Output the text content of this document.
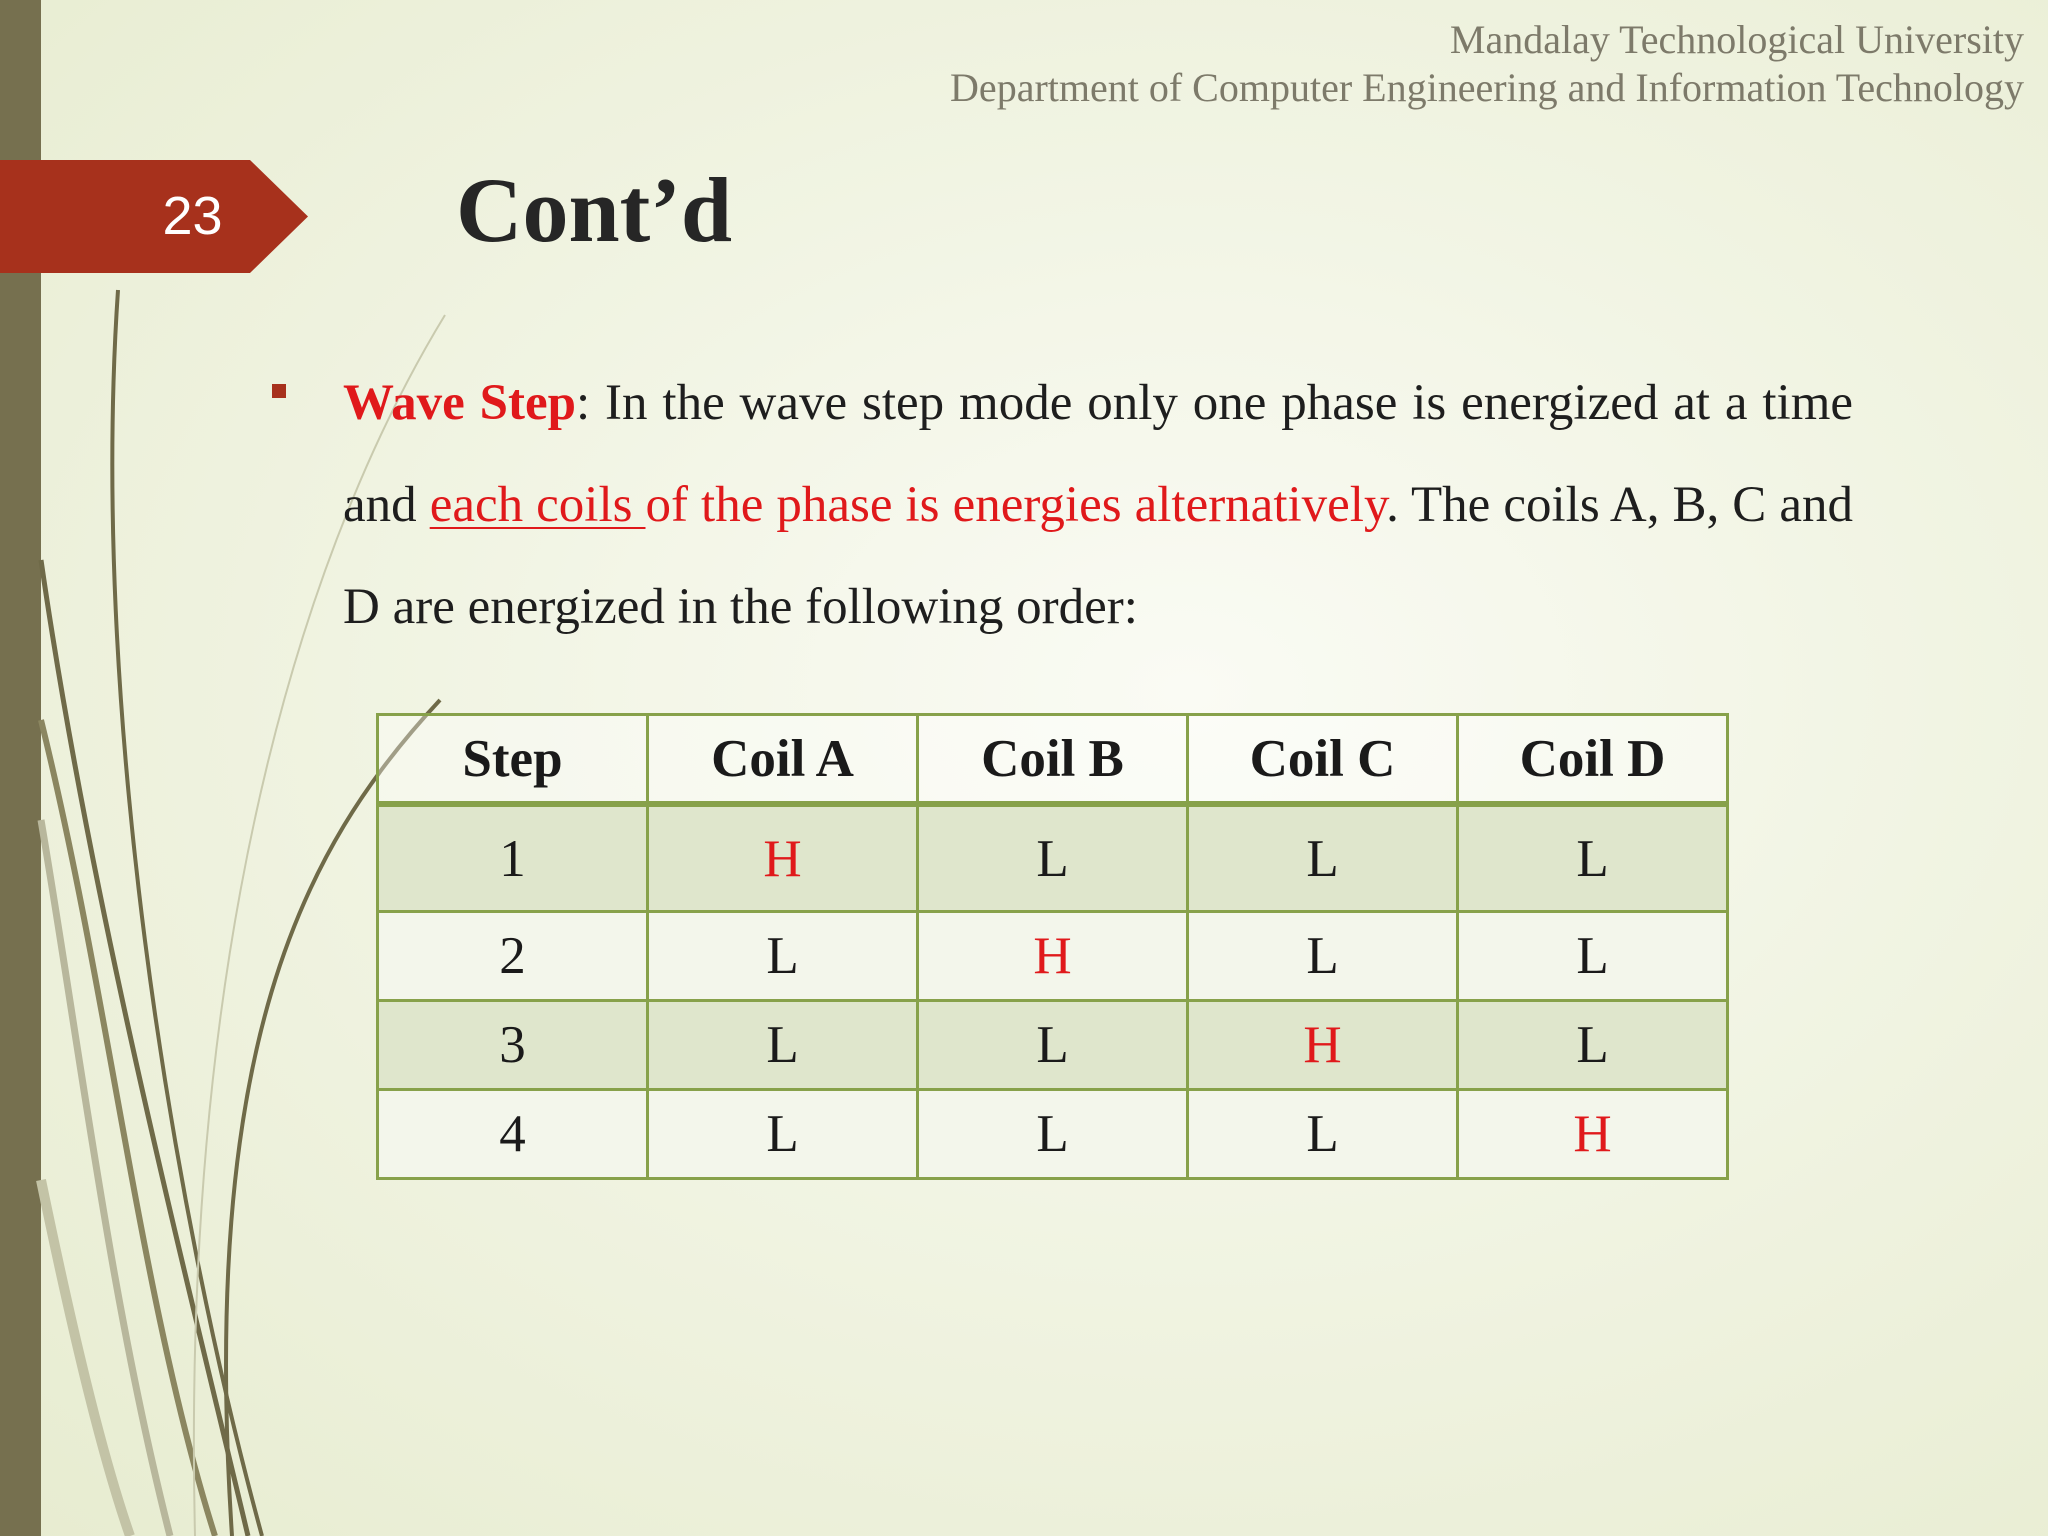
Mandalay Technological University
Department of Computer Engineering and Information Technology
23	Cont’d

Wave Step: In the wave step mode only one phase is energized at a time and each coils of the phase is energies alternatively. The coils A, B, C and D are energized in the following order:

Step	Coil A	Coil B	Coil C	Coil D
1	H	L	L	L
2	L	H	L	L
3	L	L	H	L
4	L	L	L	H
